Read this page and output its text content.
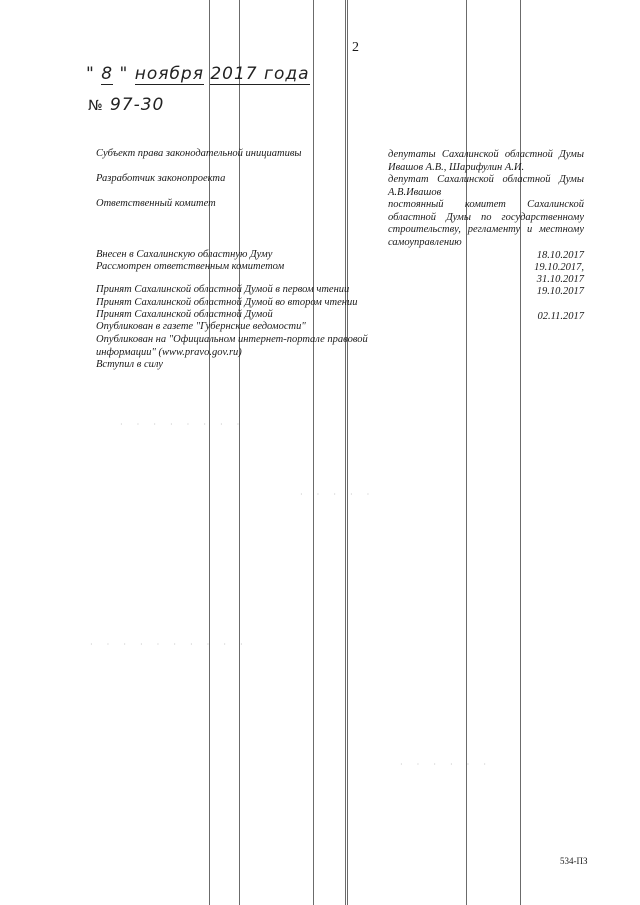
· · · · · · · ·
· · · · ·
· · · · · · · · · ·
· · · · · ·
2
" 8 " ноября 2017 года
№ 97-30
Субъект права законодательной инициативы	депутаты Сахалинской областной Думы
Ивашов А.В., Шарифулин А.И.
Разработчик законопроекта	депутат Сахалинской областной Думы
А.В.Ивашов
Ответственный комитет	постоянный комитет Сахалинской
областной Думы по государственному
строительству, регламенту и местному
самоуправлению
Внесен в Сахалинскую областную Думу	18.10.2017
Рассмотрен ответственным комитетом	19.10.2017,
31.10.2017
Принят Сахалинской областной Думой в первом чтении	19.10.2017
Принят Сахалинской областной Думой во втором чтении
Принят Сахалинской областной Думой	02.11.2017
Опубликован в газете "Губернские ведомости"
Опубликован на "Официальном интернет-портале правовой
информации" (www.pravo.gov.ru)
Вступил в силу
534-ПЗ
